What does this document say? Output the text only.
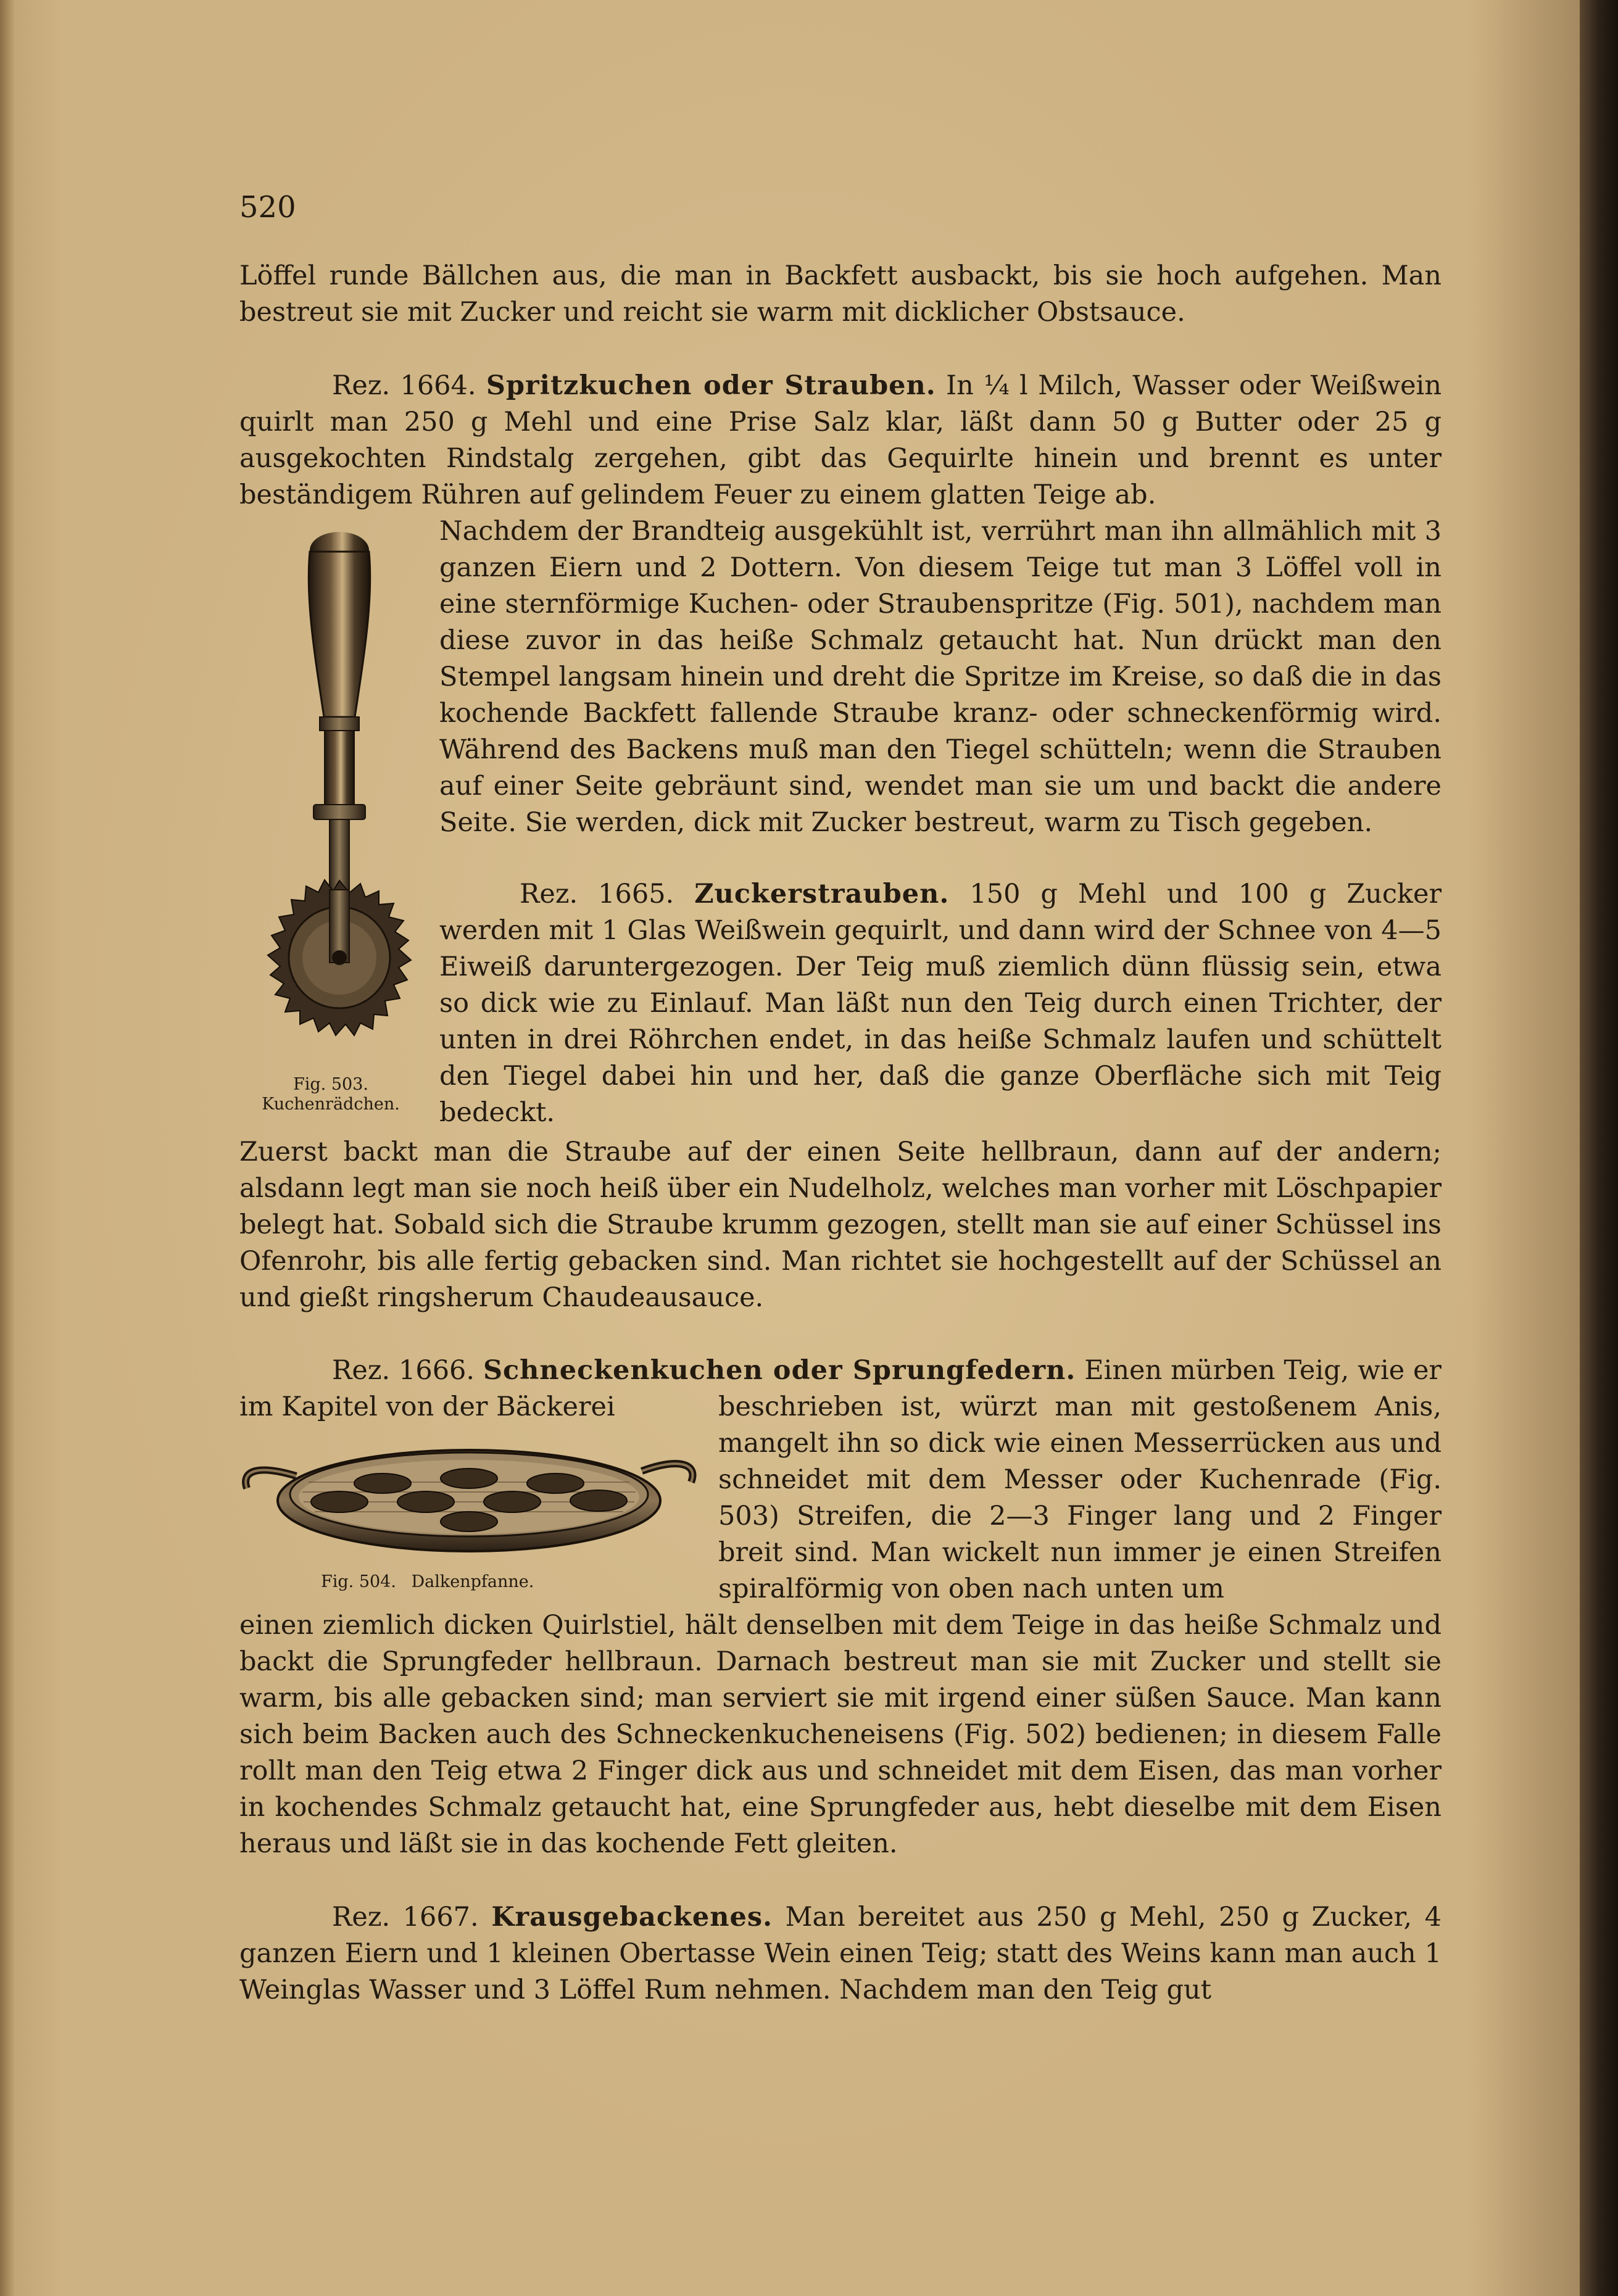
520

Löffel runde Bällchen aus, die man in Backfett ausbackt, bis sie hoch aufgehen. Man bestreut sie mit Zucker und reicht sie warm mit dicklicher Obstsauce.

Rez. 1664. Spritzkuchen oder Strauben. In ¼ l Milch, Wasser oder Weißwein quirlt man 250 g Mehl und eine Prise Salz klar, läßt dann 50 g Butter oder 25 g ausgekochten Rindstalg zergehen, gibt das Gequirlte hinein und brennt es unter beständigem Rühren auf gelindem Feuer zu einem glatten Teige ab.

Fig. 503.
Kuchenrädchen.

Nachdem der Brandteig ausgekühlt ist, verrührt man ihn allmählich mit 3 ganzen Eiern und 2 Dottern. Von diesem Teige tut man 3 Löffel voll in eine sternförmige Kuchen- oder Straubenspritze (Fig. 501), nachdem man diese zuvor in das heiße Schmalz getaucht hat. Nun drückt man den Stempel langsam hinein und dreht die Spritze im Kreise, so daß die in das kochende Backfett fallende Straube kranz- oder schneckenförmig wird. Während des Backens muß man den Tiegel schütteln; wenn die Strauben auf einer Seite gebräunt sind, wendet man sie um und backt die andere Seite. Sie werden, dick mit Zucker bestreut, warm zu Tisch gegeben.

Rez. 1665. Zuckerstrauben. 150 g Mehl und 100 g Zucker werden mit 1 Glas Weißwein gequirlt, und dann wird der Schnee von 4—5 Eiweiß daruntergezogen. Der Teig muß ziemlich dünn flüssig sein, etwa so dick wie zu Einlauf. Man läßt nun den Teig durch einen Trichter, der unten in drei Röhrchen endet, in das heiße Schmalz laufen und schüttelt den Tiegel dabei hin und her, daß die ganze Oberfläche sich mit Teig bedeckt.

Zuerst backt man die Straube auf der einen Seite hellbraun, dann auf der andern; alsdann legt man sie noch heiß über ein Nudelholz, welches man vorher mit Löschpapier belegt hat. Sobald sich die Straube krumm gezogen, stellt man sie auf einer Schüssel ins Ofenrohr, bis alle fertig gebacken sind. Man richtet sie hochgestellt auf der Schüssel an und gießt ringsherum Chaudeausauce.

Rez. 1666. Schneckenkuchen oder Sprungfedern. Einen mürben Teig, wie er im Kapitel von der Bäckerei

Fig. 504. Dalkenpfanne.

beschrieben ist, würzt man mit gestoßenem Anis, mangelt ihn so dick wie einen Messerrücken aus und schneidet mit dem Messer oder Kuchenrade (Fig. 503) Streifen, die 2—3 Finger lang und 2 Finger breit sind. Man wickelt nun immer je einen Streifen spiralförmig von oben nach unten um

einen ziemlich dicken Quirlstiel, hält denselben mit dem Teige in das heiße Schmalz und backt die Sprungfeder hellbraun. Darnach bestreut man sie mit Zucker und stellt sie warm, bis alle gebacken sind; man serviert sie mit irgend einer süßen Sauce. Man kann sich beim Backen auch des Schneckenkucheneisens (Fig. 502) bedienen; in diesem Falle rollt man den Teig etwa 2 Finger dick aus und schneidet mit dem Eisen, das man vorher in kochendes Schmalz getaucht hat, eine Sprungfeder aus, hebt dieselbe mit dem Eisen heraus und läßt sie in das kochende Fett gleiten.

Rez. 1667. Krausgebackenes. Man bereitet aus 250 g Mehl, 250 g Zucker, 4 ganzen Eiern und 1 kleinen Obertasse Wein einen Teig; statt des Weins kann man auch 1 Weinglas Wasser und 3 Löffel Rum nehmen. Nachdem man den Teig gut
